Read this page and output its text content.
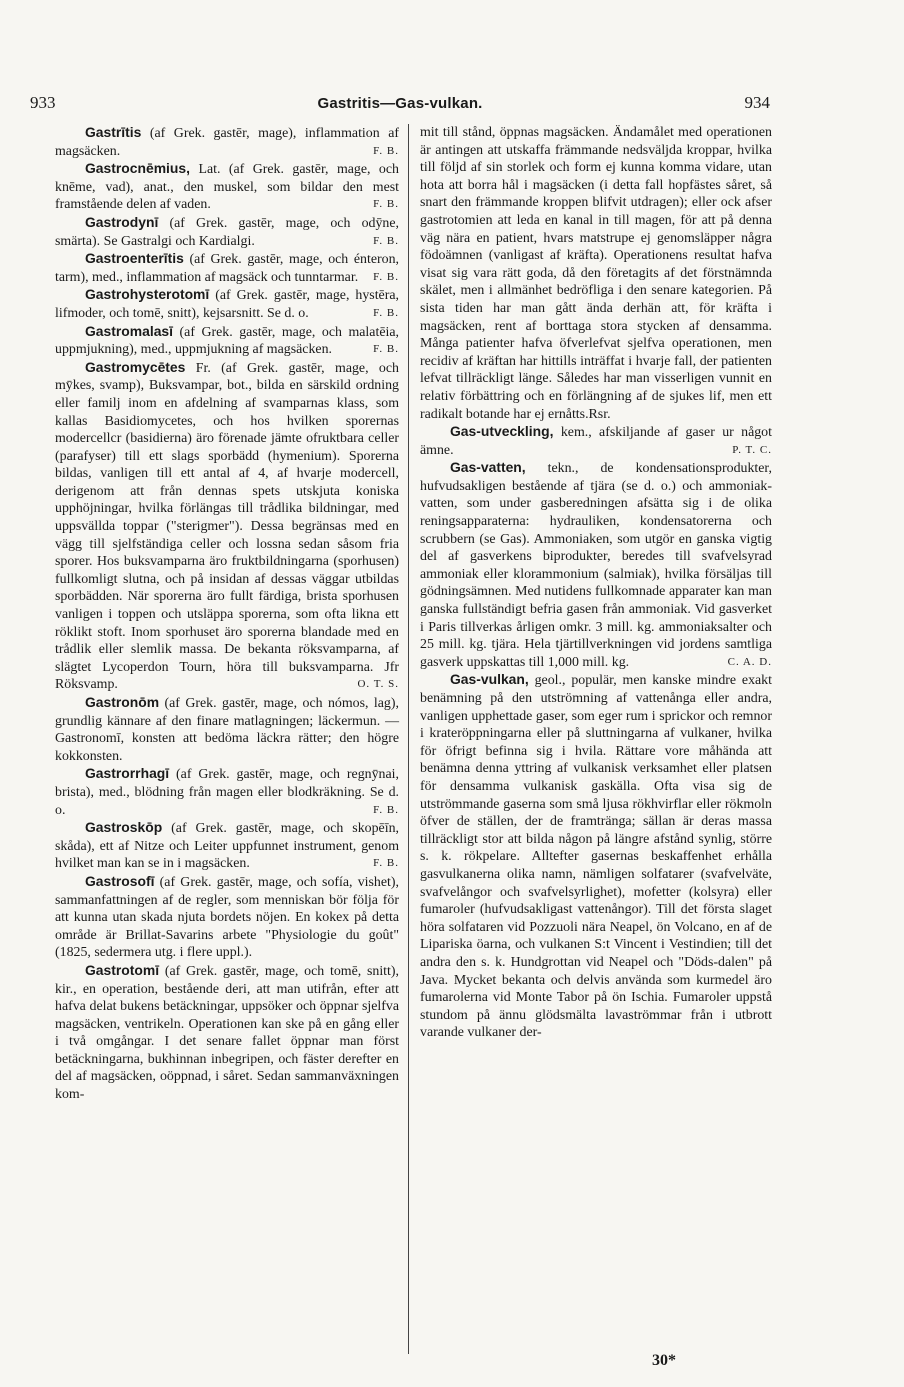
933	Gastritis—Gas-vulkan.	934

Gastrītis (af Grek. gastēr, mage), inflammation af magsäcken.	F. B.

Gastrocnēmius, Lat. (af Grek. gastēr, mage, och knēme, vad), anat., den muskel, som bildar den mest framstående delen af vaden.	F. B.

Gastrodynī (af Grek. gastēr, mage, och odӯne, smärta). Se Gastralgi och Kardialgi.	F. B.

Gastroenterītis (af Grek. gastēr, mage, och énteron, tarm), med., inflammation af magsäck och tunntarmar. F. B.

Gastrohysterotomī (af Grek. gastēr, mage, hystēra, lifmoder, och tomē, snitt), kejsarsnitt. Se d. o.	F. B.

Gastromalasī (af Grek. gastēr, mage, och malatēia, uppmjukning), med., uppmjukning af magsäcken.	F. B.

Gastromycētes Fr. (af Grek. gastēr, mage, och mȳkes, svamp), Buksvampar, bot., bilda en särskild ordning eller familj inom en afdelning af svamparnas klass, som kallas Basidiomycetes, och hos hvilken sporernas modercellcr (basidierna) äro förenade jämte ofruktbara celler (parafyser) till ett slags sporbädd (hymenium). Sporerna bildas, vanligen till ett antal af 4, af hvarje modercell, derigenom att från dennas spets utskjuta koniska upphöjningar, hvilka förlängas till trådlika bildningar, med uppsvällda toppar ("sterigmer"). Dessa begränsas med en vägg till sjelfständiga celler och lossna sedan såsom fria sporer. Hos buksvamparna äro fruktbildningarna (sporhusen) fullkomligt slutna, och på insidan af dessas väggar utbildas sporbädden. När sporerna äro fullt färdiga, brista sporhusen vanligen i toppen och utsläppa sporerna, som ofta likna ett röklikt stoft. Inom sporhuset äro sporerna blandade med en trådlik eller slemlik massa. De bekanta röksvamparna, af slägtet Lycoperdon Tourn, höra till buksvamparna. Jfr Röksvamp.	O. T. S.

Gastronōm (af Grek. gastēr, mage, och nómos, lag), grundlig kännare af den finare matlagningen; läckermun. — Gastronomī, konsten att bedöma läckra rätter; den högre kokkonsten.

Gastrorrhagī (af Grek. gastēr, mage, och regnȳnai, brista), med., blödning från magen eller blodkräkning. Se d. o.	F. B.

Gastroskōp (af Grek. gastēr, mage, och skopēīn, skåda), ett af Nitze och Leiter uppfunnet instrument, genom hvilket man kan se in i magsäcken.	F. B.

Gastrosofī (af Grek. gastēr, mage, och sofía, vishet), sammanfattningen af de regler, som menniskan bör följa för att kunna utan skada njuta bordets nöjen. En kokex på detta område är Brillat-Savarins arbete "Physiologie du goût" (1825, sedermera utg. i flere uppl.).

Gastrotomī (af Grek. gastēr, mage, och tomē, snitt), kir., en operation, bestående deri, att man utifrån, efter att hafva delat bukens betäckningar, uppsöker och öppnar sjelfva magsäcken, ventrikeln. Operationen kan ske på en gång eller i två omgångar. I det senare fallet öppnar man först betäckningarna, bukhinnan inbegripen, och fäster derefter en del af magsäcken, oöppnad, i såret. Sedan sammanväxningen kom-

mit till stånd, öppnas magsäcken. Ändamålet med operationen är antingen att utskaffa främmande nedsväljda kroppar, hvilka till följd af sin storlek och form ej kunna komma vidare, utan hota att borra hål i magsäcken (i detta fall hopfästes såret, så snart den främmande kroppen blifvit utdragen); eller ock afser gastrotomien att leda en kanal in till magen, för att på denna väg nära en patient, hvars matstrupe ej genomsläpper några födoämnen (vanligast af kräfta). Operationens resultat hafva visat sig vara rätt goda, då den företagits af det förstnämnda skälet, men i allmänhet bedröfliga i den senare kategorien. På sista tiden har man gått ända derhän att, för kräfta i magsäcken, rent af borttaga stora stycken af densamma. Många patienter hafva öfverlefvat sjelfva operationen, men recidiv af kräftan har hittills inträffat i hvarje fall, der patienten lefvat tillräckligt länge. Således har man visserligen vunnit en relativ förbättring och en förlängning af de sjukes lif, men ett radikalt botande har ej ernåtts.Rsr.

Gas-utveckling, kem., afskiljande af gaser ur något ämne.	P. T. C.

Gas-vatten, tekn., de kondensationsprodukter, hufvudsakligen bestående af tjära (se d. o.) och ammoniak-vatten, som under gasberedningen afsätta sig i de olika reningsapparaterna: hydrauliken, kondensatorerna och scrubbern (se Gas). Ammoniaken, som utgör en ganska vigtig del af gasverkens biprodukter, beredes till svafvelsyrad ammoniak eller klorammonium (salmiak), hvilka försäljas till gödningsämnen. Med nutidens fullkomnade apparater kan man ganska fullständigt befria gasen från ammoniak. Vid gasverket i Paris tillverkas årligen omkr. 3 mill. kg. ammoniaksalter och 25 mill. kg. tjära. Hela tjärtillverkningen vid jordens samtliga gasverk uppskattas till 1,000 mill. kg.	C. A. D.

Gas-vulkan, geol., populär, men kanske mindre exakt benämning på den utströmning af vattenånga eller andra, vanligen upphettade gaser, som eger rum i sprickor och remnor i krateröppningarna eller på sluttningarna af vulkaner, hvilka för öfrigt befinna sig i hvila. Rättare vore måhända att benämna denna yttring af vulkanisk verksamhet eller platsen för densamma vulkanisk gaskälla. Ofta visa sig de utströmmande gaserna som små ljusa rökhvirflar eller rökmoln öfver de ställen, der de framtränga; sällan är deras massa tillräckligt stor att bilda någon på längre afstånd synlig, större s. k. rökpelare. Alltefter gasernas beskaffenhet erhålla gasvulkanerna olika namn, nämligen solfatarer (svafvelväte, svafvelångor och svafvelsyrlighet), mofetter (kolsyra) eller fumaroler (hufvudsakligast vattenångor). Till det första slaget höra solfataren vid Pozzuoli nära Neapel, ön Volcano, en af de Lipariska öarna, och vulkanen S:t Vincent i Vestindien; till det andra den s. k. Hundgrottan vid Neapel och "Döds-dalen" på Java. Mycket bekanta och delvis använda som kurmedel äro fumarolerna vid Monte Tabor på ön Ischia. Fumaroler uppstå stundom på ännu glödsmälta lavaströmmar från i utbrott varande vulkaner der-

30*
